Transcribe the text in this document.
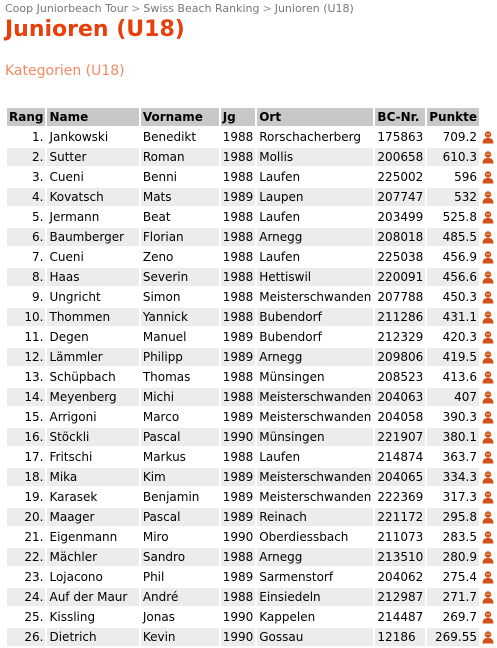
Coop Juniorbeach Tour > Swiss Beach Ranking > Junioren (U18)
Junioren (U18)
Kategorien (U18)
Rang	Name	Vorname	Jg	Ort	BC-Nr.	Punkte	
1.	Jankowski	Benedikt	1988	Rorschacherberg	175863	709.2	
2.	Sutter	Roman	1988	Mollis	200658	610.3	
3.	Cueni	Benni	1988	Laufen	225002	596	
4.	Kovatsch	Mats	1989	Laupen	207747	532	
5.	Jermann	Beat	1988	Laufen	203499	525.8	
6.	Baumberger	Florian	1988	Arnegg	208018	485.5	
7.	Cueni	Zeno	1988	Laufen	225038	456.9	
8.	Haas	Severin	1988	Hettiswil	220091	456.6	
9.	Ungricht	Simon	1988	Meisterschwanden	207788	450.3	
10.	Thommen	Yannick	1988	Bubendorf	211286	431.1	
11.	Degen	Manuel	1989	Bubendorf	212329	420.3	
12.	Lämmler	Philipp	1989	Arnegg	209806	419.5	
13.	Schüpbach	Thomas	1988	Münsingen	208523	413.6	
14.	Meyenberg	Michi	1988	Meisterschwanden	204063	407	
15.	Arrigoni	Marco	1989	Meisterschwanden	204058	390.3	
16.	Stöckli	Pascal	1990	Münsingen	221907	380.1	
17.	Fritschi	Markus	1988	Laufen	214874	363.7	
18.	Mika	Kim	1989	Meisterschwanden	204065	334.3	
19.	Karasek	Benjamin	1989	Meisterschwanden	222369	317.3	
20.	Maager	Pascal	1989	Reinach	221172	295.8	
21.	Eigenmann	Miro	1990	Oberdiessbach	211073	283.5	
22.	Mächler	Sandro	1988	Arnegg	213510	280.9	
23.	Lojacono	Phil	1989	Sarmenstorf	204062	275.4	
24.	Auf der Maur	André	1988	Einsiedeln	212987	271.7	
25.	Kissling	Jonas	1990	Kappelen	214487	269.7	
26.	Dietrich	Kevin	1990	Gossau	12186	269.55	
